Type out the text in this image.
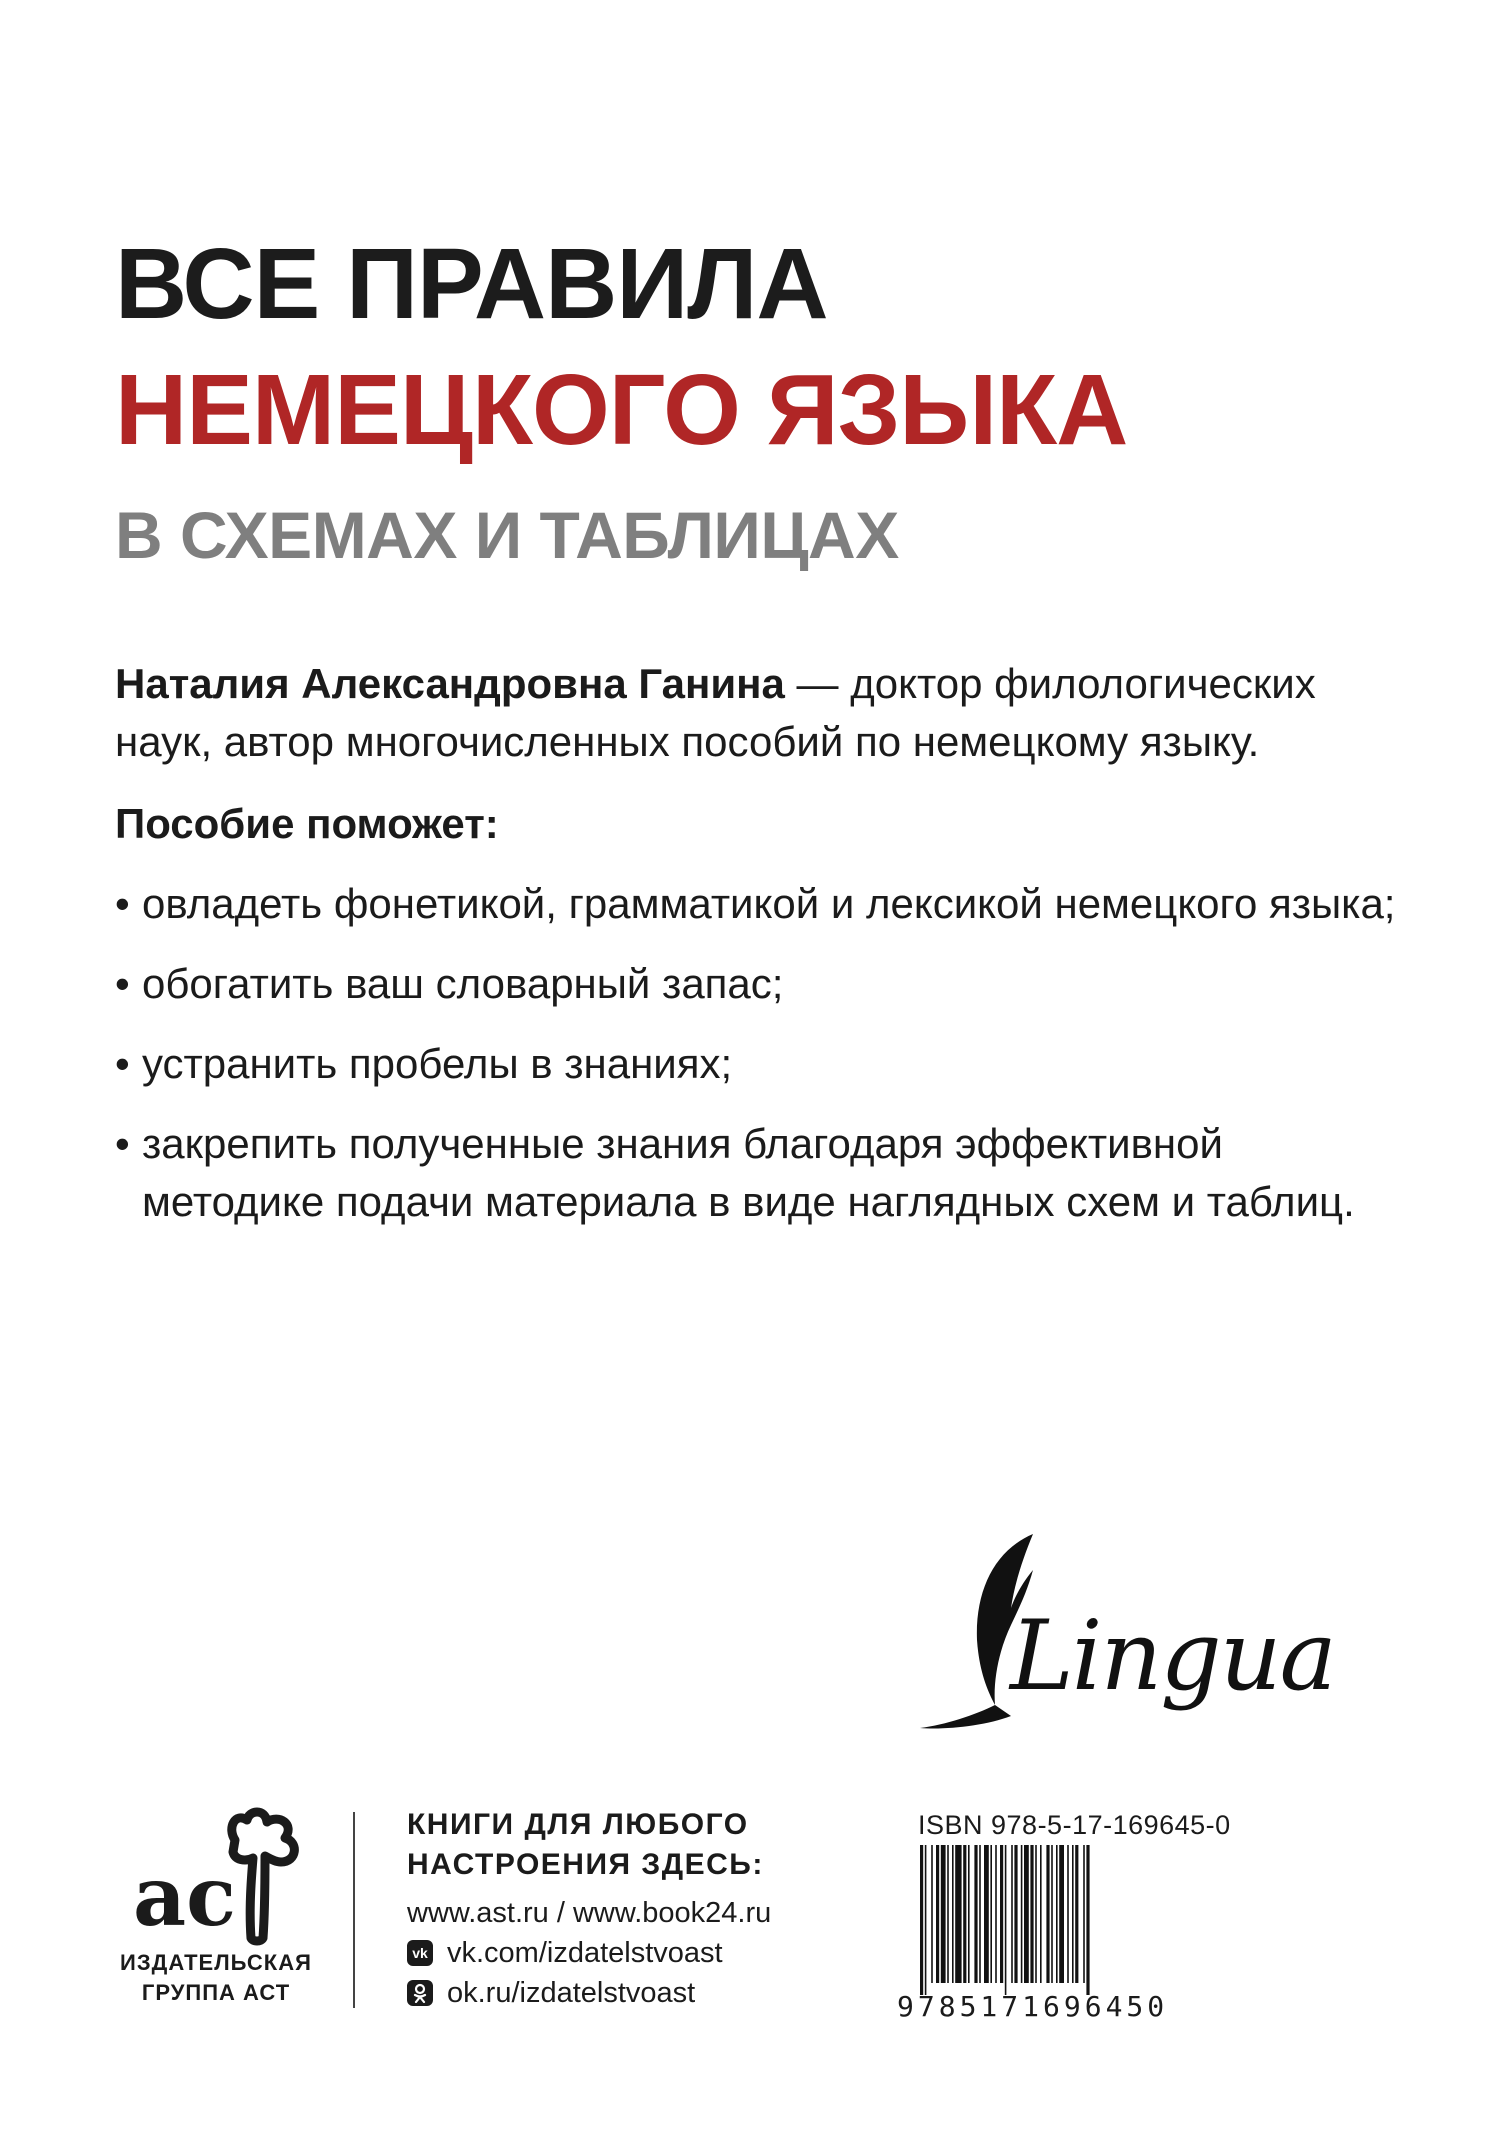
ВСЕ ПРАВИЛА
НЕМЕЦКОГО ЯЗЫКА
В СХЕМАХ И ТАБЛИЦАХ
Наталия Александровна Ганина — доктор филологических наук, автор многочисленных пособий по немецкому языку.
Пособие поможет:
• овладеть фонетикой, грамматикой и лексикой немецкого языка;
• обогатить ваш словарный запас;
• устранить пробелы в знаниях;
• закрепить полученные знания благодаря эффективной методике подачи материала в виде наглядных схем и таблиц.
Lingua
ac
ИЗДАТЕЛЬСКАЯ ГРУППА АСТ
КНИГИ ДЛЯ ЛЮБОГО
НАСТРОЕНИЯ ЗДЕСЬ:
www.ast.ru / www.book24.ru
vk vk.com/izdatelstvoast
ok.ru/izdatelstvoast
ISBN 978-5-17-169645-0
9785171696450
